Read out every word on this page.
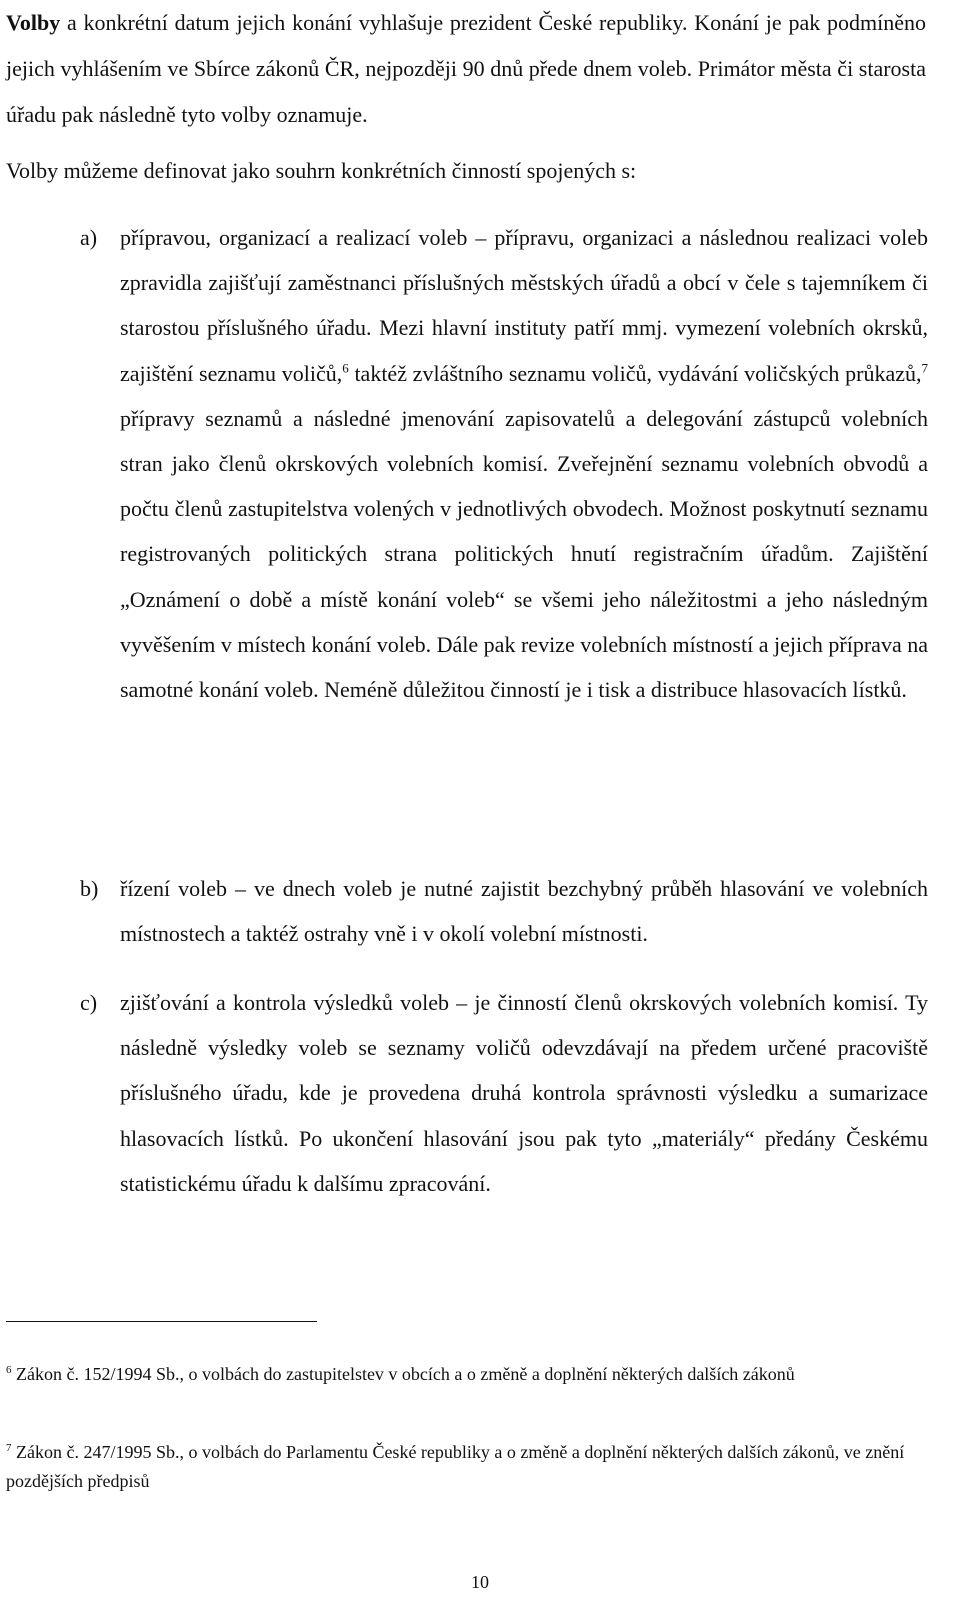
Volby a konkrétní datum jejich konání vyhlašuje prezident České republiky. Konání je pak podmíněno jejich vyhlášením ve Sbírce zákonů ČR, nejpozději 90 dnů přede dnem voleb. Primátor města či starosta úřadu pak následně tyto volby oznamuje.

Volby můžeme definovat jako souhrn konkrétních činností spojených s:

a)	přípravou, organizací a realizací voleb – přípravu, organizaci a následnou realizaci voleb zpravidla zajišťují zaměstnanci příslušných městských úřadů a obcí v čele s tajemníkem či starostou příslušného úřadu. Mezi hlavní instituty patří mmj. vymezení volebních okrsků, zajištění seznamu voličů,$^6$ taktéž zvláštního seznamu voličů, vydávání voličských průkazů,$^7$ přípravy seznamů a následné jmenování zapisovatelů a delegování zástupců volebních stran jako členů okrskových volebních komisí. Zveřejnění seznamu volebních obvodů a počtu členů zastupitelstva volených v jednotlivých obvodech. Možnost poskytnutí seznamu registrovaných politických strana politických hnutí registračním úřadům. Zajištění „Oznámení o době a místě konání voleb“ se všemi jeho náležitostmi a jeho následným vyvěšením v místech konání voleb. Dále pak revize volebních místností a jejich příprava na samotné konání voleb. Neméně důležitou činností je i tisk a distribuce hlasovacích lístků.
b) řízení voleb – ve dnech voleb je nutné zajistit bezchybný průběh hlasování ve volebních místnostech a taktéž ostrahy vně i v okolí volební místnosti.
c)	zjišťování a kontrola výsledků voleb – je činností členů okrskových volebních komisí. Ty následně výsledky voleb se seznamy voličů odevzdávají na předem určené pracoviště příslušného úřadu, kde je provedena druhá kontrola správnosti výsledku a sumarizace hlasovacích lístků. Po ukončení hlasování jsou pak tyto „materiály“ předány Českému statistickému úřadu k dalšímu zpracování.
$^6$ Zákon č. 152/1994 Sb., o volbách do zastupitelstev v obcích a o změně a doplnění některých dalších zákonů
$^7$ Zákon č. 247/1995 Sb., o volbách do Parlamentu České republiky a o změně a doplnění některých dalších zákonů, ve znění pozdějších předpisů
10
